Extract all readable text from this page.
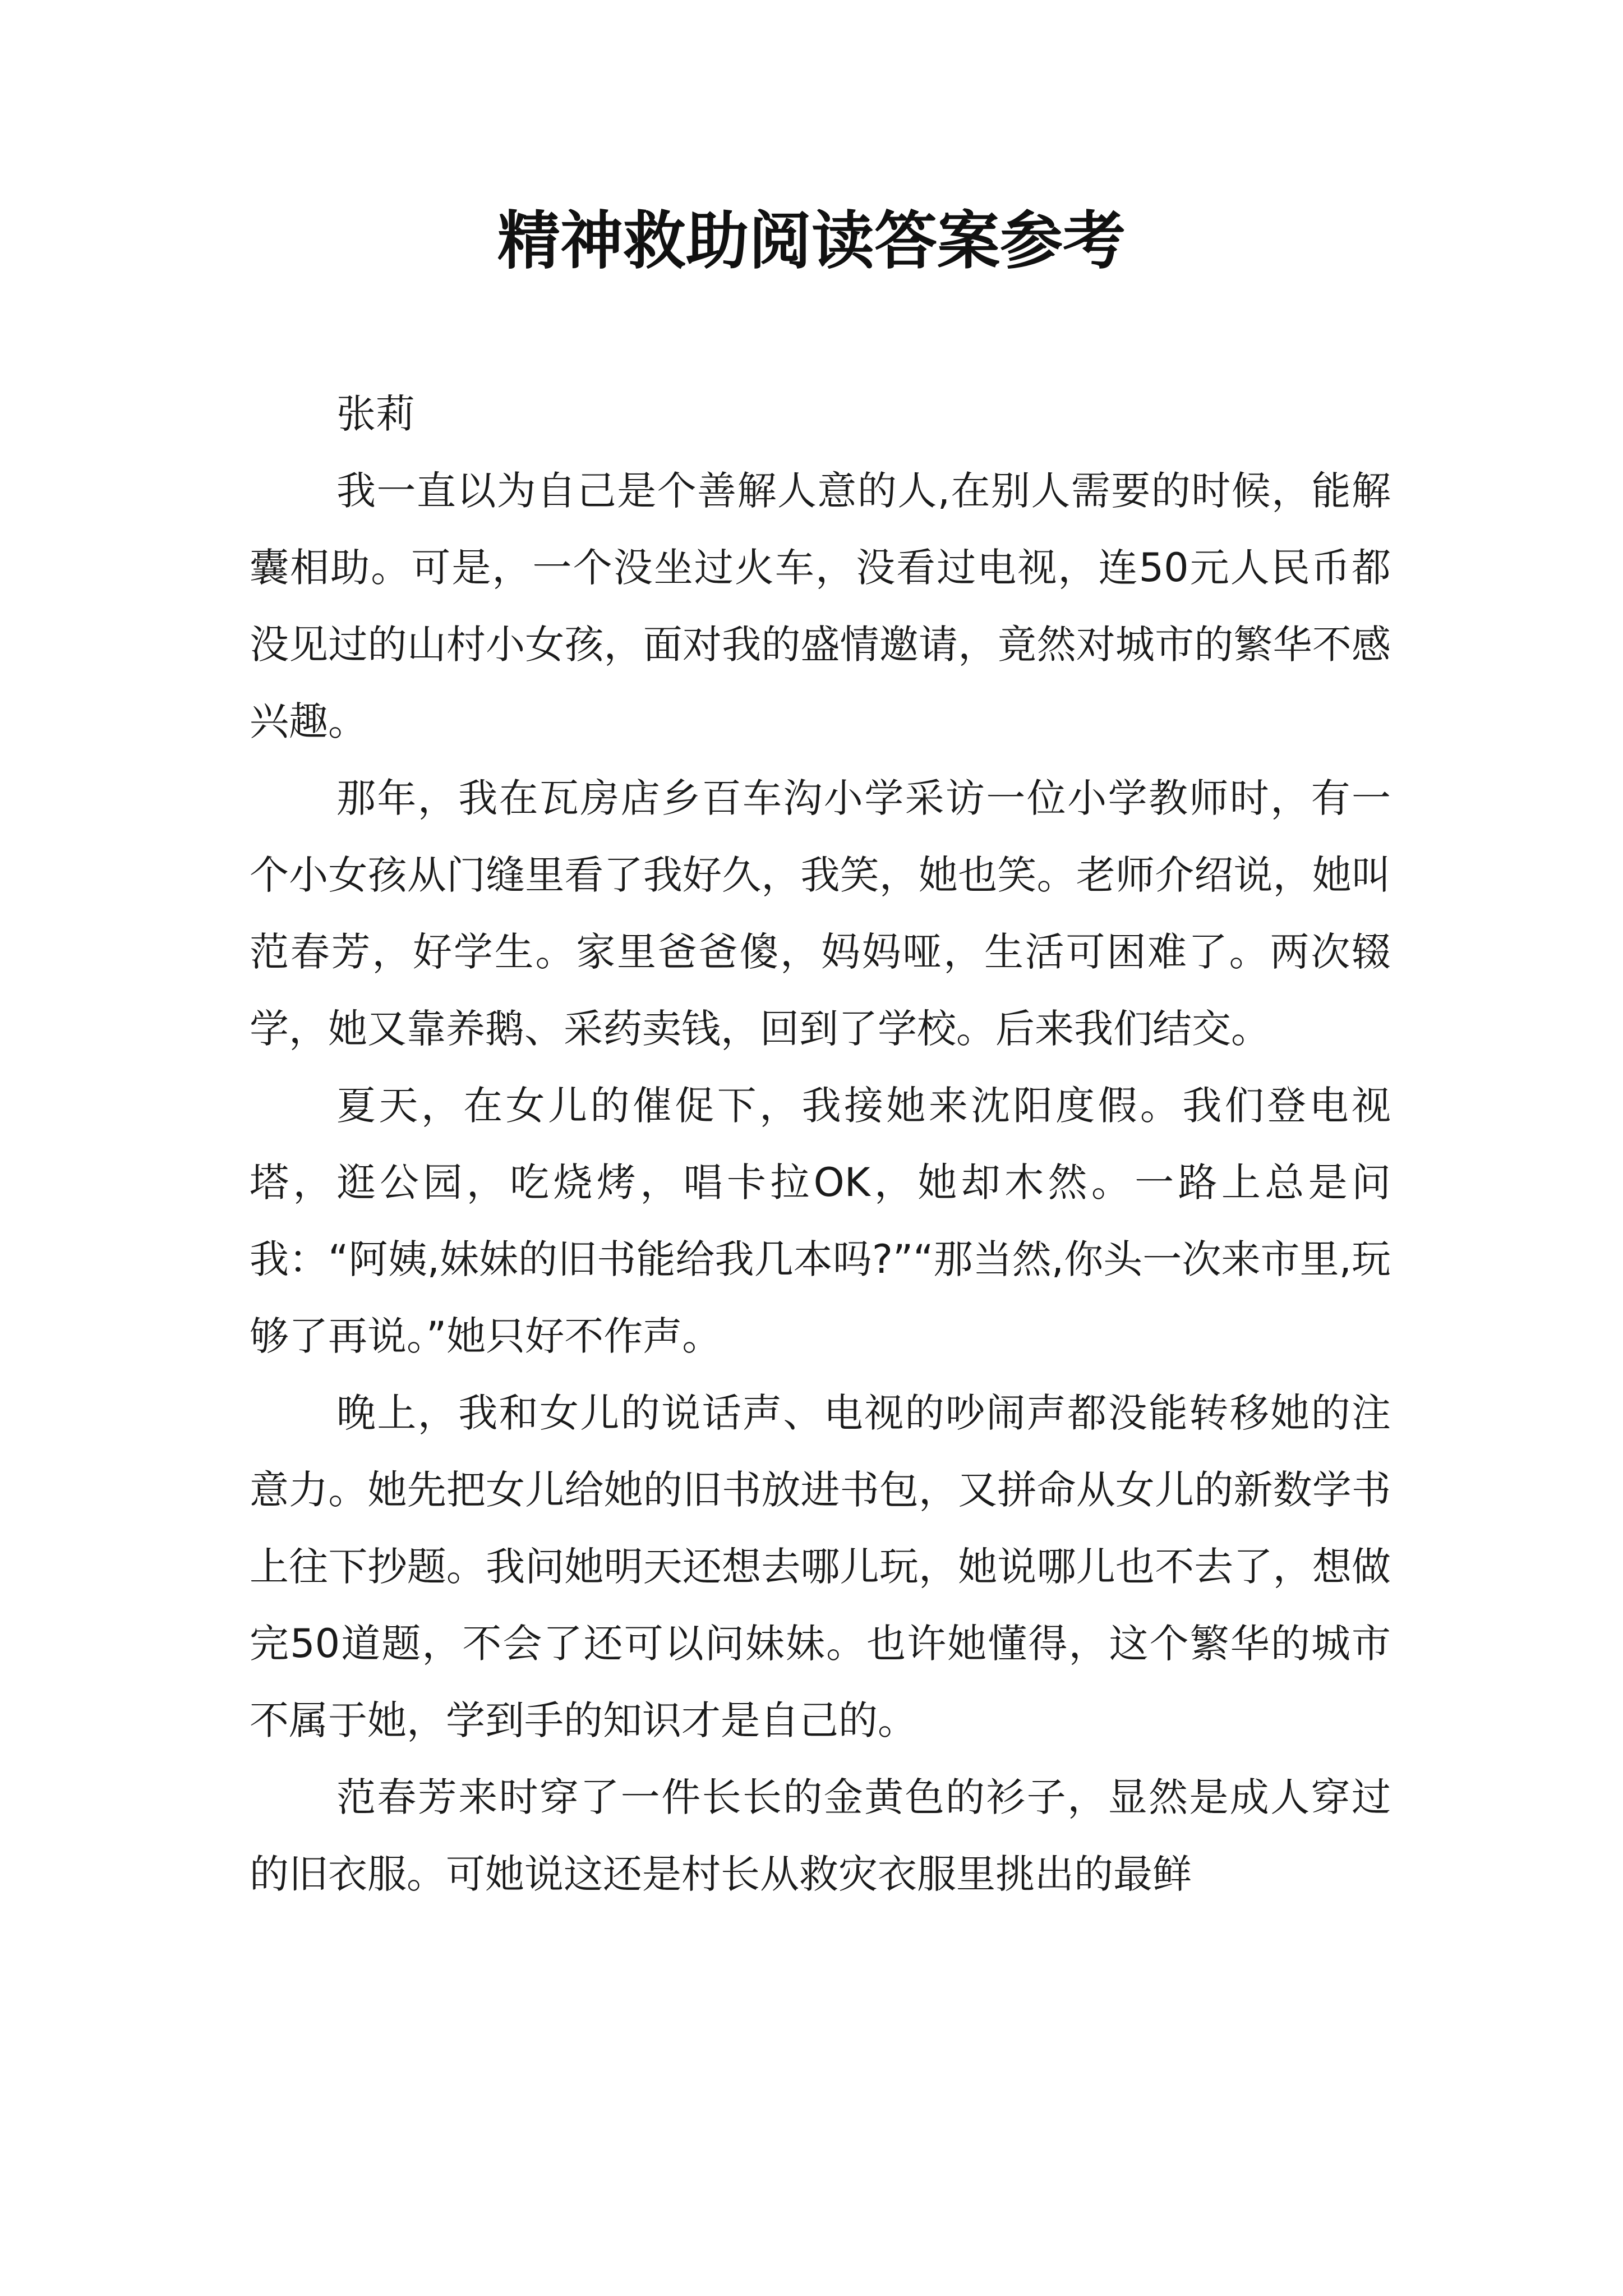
精神救助阅读答案参考

张莉

我一直以为自己是个善解人意的人,在别人需要的时候，能解囊相助。可是，一个没坐过火车，没看过电视，连50元人民币都没见过的山村小女孩，面对我的盛情邀请，竟然对城市的繁华不感兴趣。

那年，我在瓦房店乡百车沟小学采访一位小学教师时，有一个小女孩从门缝里看了我好久，我笑，她也笑。老师介绍说，她叫范春芳，好学生。家里爸爸傻，妈妈哑，生活可困难了。两次辍学，她又靠养鹅、采药卖钱，回到了学校。后来我们结交。

夏天，在女儿的催促下，我接她来沈阳度假。我们登电视塔，逛公园，吃烧烤，唱卡拉OK，她却木然。一路上总是问我：“阿姨,妹妹的旧书能给我几本吗?”“那当然,你头一次来市里,玩够了再说。”她只好不作声。

晚上，我和女儿的说话声、电视的吵闹声都没能转移她的注意力。她先把女儿给她的旧书放进书包，又拼命从女儿的新数学书上往下抄题。我问她明天还想去哪儿玩，她说哪儿也不去了，想做完50道题，不会了还可以问妹妹。也许她懂得，这个繁华的城市不属于她，学到手的知识才是自己的。

范春芳来时穿了一件长长的金黄色的衫子，显然是成人穿过的旧衣服。可她说这还是村长从救灾衣服里挑出的最鲜
